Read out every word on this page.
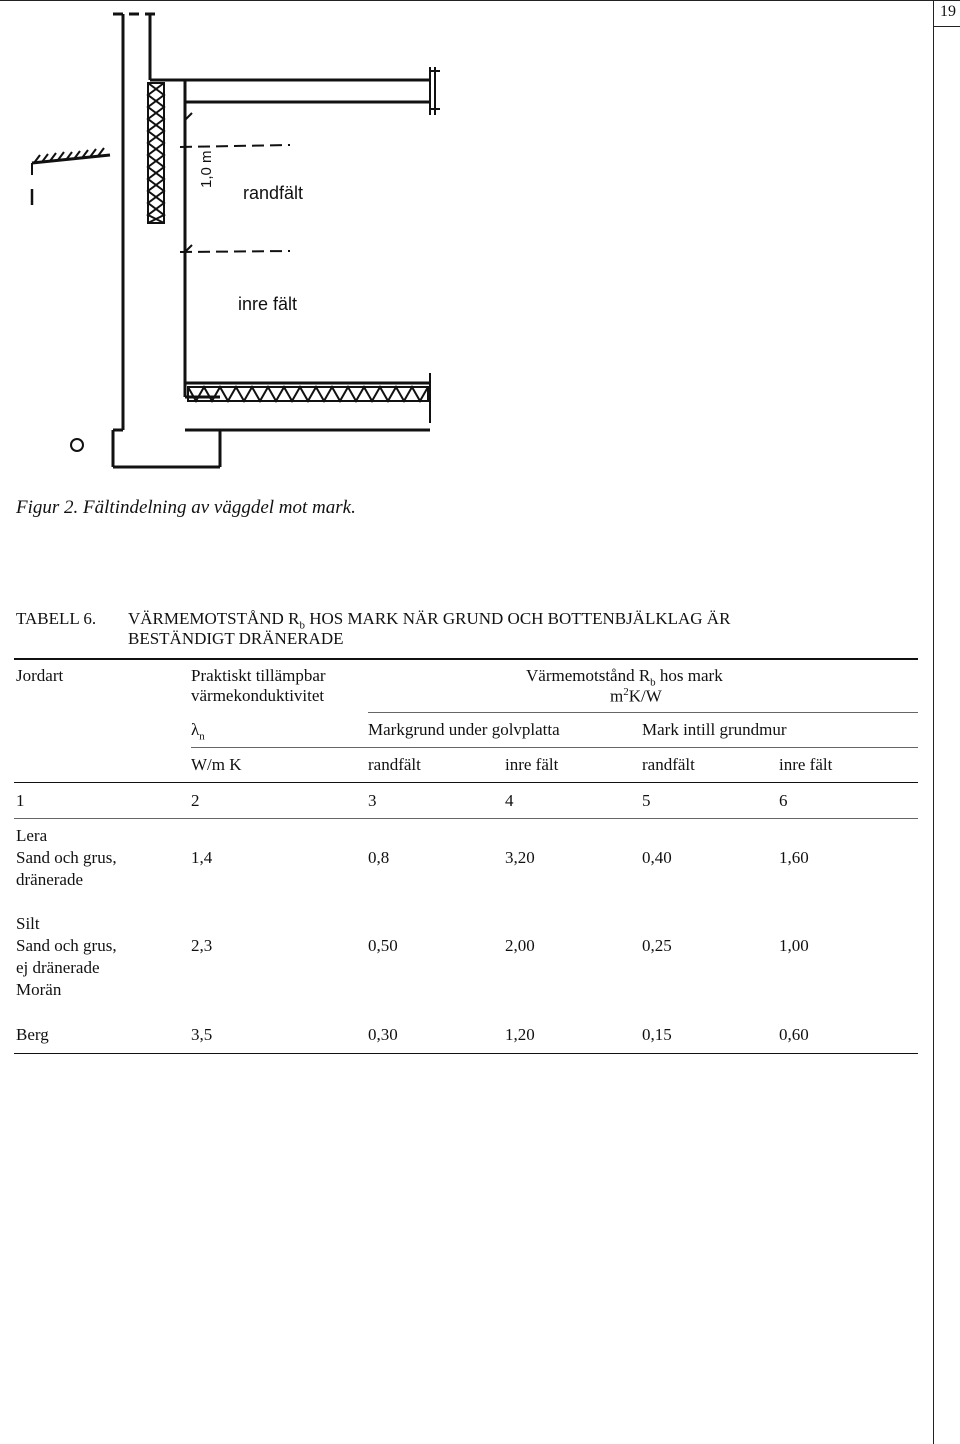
19
1,0 m
randfält
inre fält
Figur 2. Fältindelning av väggdel mot mark.
TABELL 6. VÄRMEMOTSTÅND $R_b$ HOS MARK NÄR GRUND OCH BOTTENBJÄLKLAG ÄR
BESTÄNDIGT DRÄNERADE
Jordart	Praktiskt tillämpbar
värmekonduktivitet
Värmemotstånd $R_b$ hos mark
$m^2K/W$
$\lambda_n$	Markgrund under golvplatta	Mark intill grundmur
W/m K	randfält	inre fält	randfält	inre fält
1	2	3	4	5	6
Lera
Sand och grus,
dränerade
1,4	0,8	3,20	0,40	1,60
Silt
Sand och grus,
ej dränerade
Morän
2,3	0,50	2,00	0,25	1,00
Berg	3,5	0,30	1,20	0,15	0,60
